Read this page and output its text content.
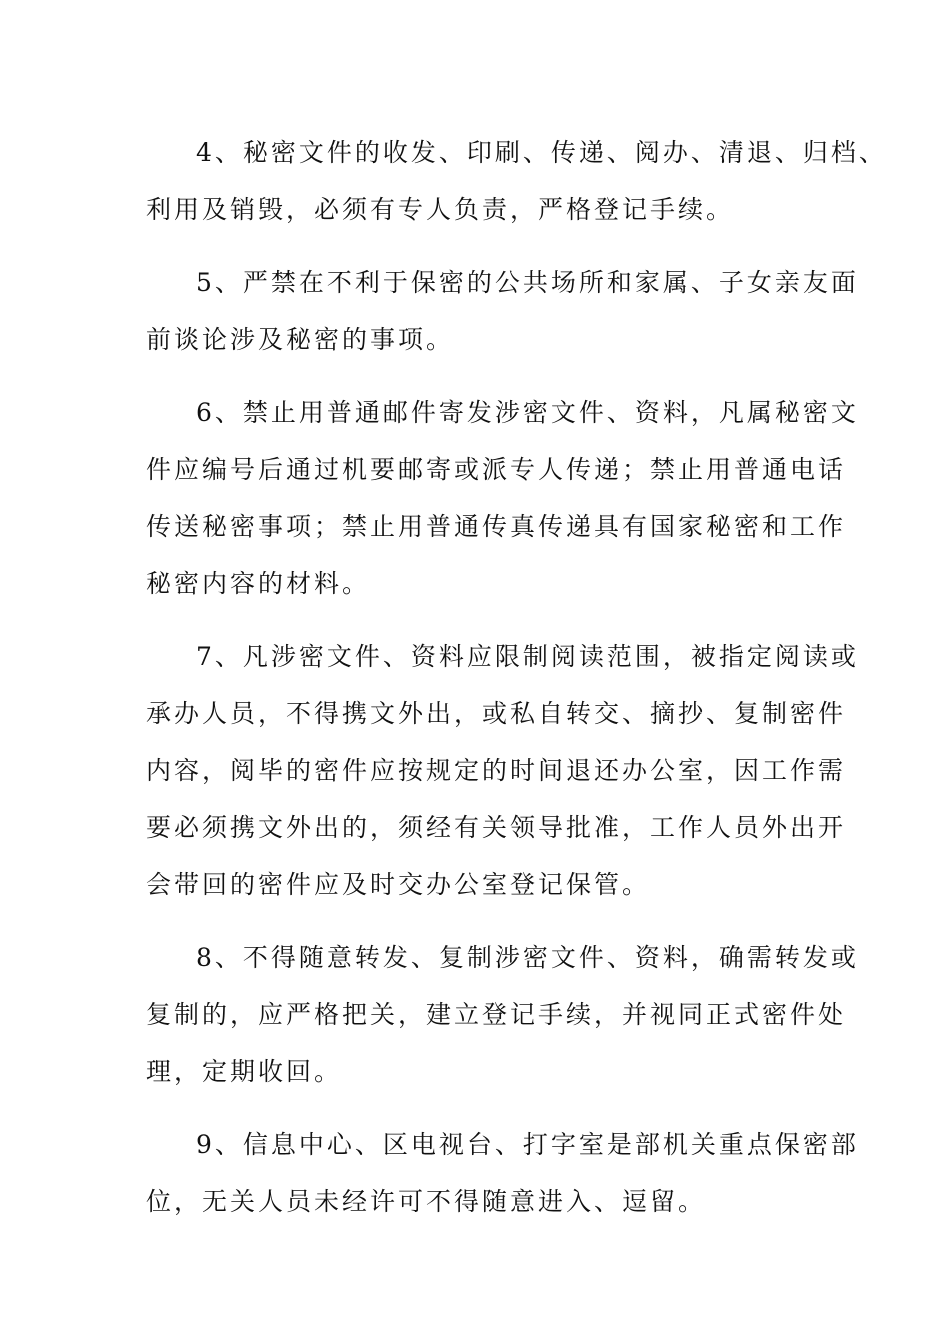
4、秘密文件的收发、印刷、传递、阅办、清退、归档、
利用及销毁，必须有专人负责，严格登记手续。

5、严禁在不利于保密的公共场所和家属、子女亲友面
前谈论涉及秘密的事项。

6、禁止用普通邮件寄发涉密文件、资料，凡属秘密文
件应编号后通过机要邮寄或派专人传递；禁止用普通电话
传送秘密事项；禁止用普通传真传递具有国家秘密和工作
秘密内容的材料。

7、凡涉密文件、资料应限制阅读范围，被指定阅读或
承办人员，不得携文外出，或私自转交、摘抄、复制密件
内容，阅毕的密件应按规定的时间退还办公室，因工作需
要必须携文外出的，须经有关领导批准，工作人员外出开
会带回的密件应及时交办公室登记保管。

8、不得随意转发、复制涉密文件、资料，确需转发或
复制的，应严格把关，建立登记手续，并视同正式密件处
理，定期收回。

9、信息中心、区电视台、打字室是部机关重点保密部
位，无关人员未经许可不得随意进入、逗留。
